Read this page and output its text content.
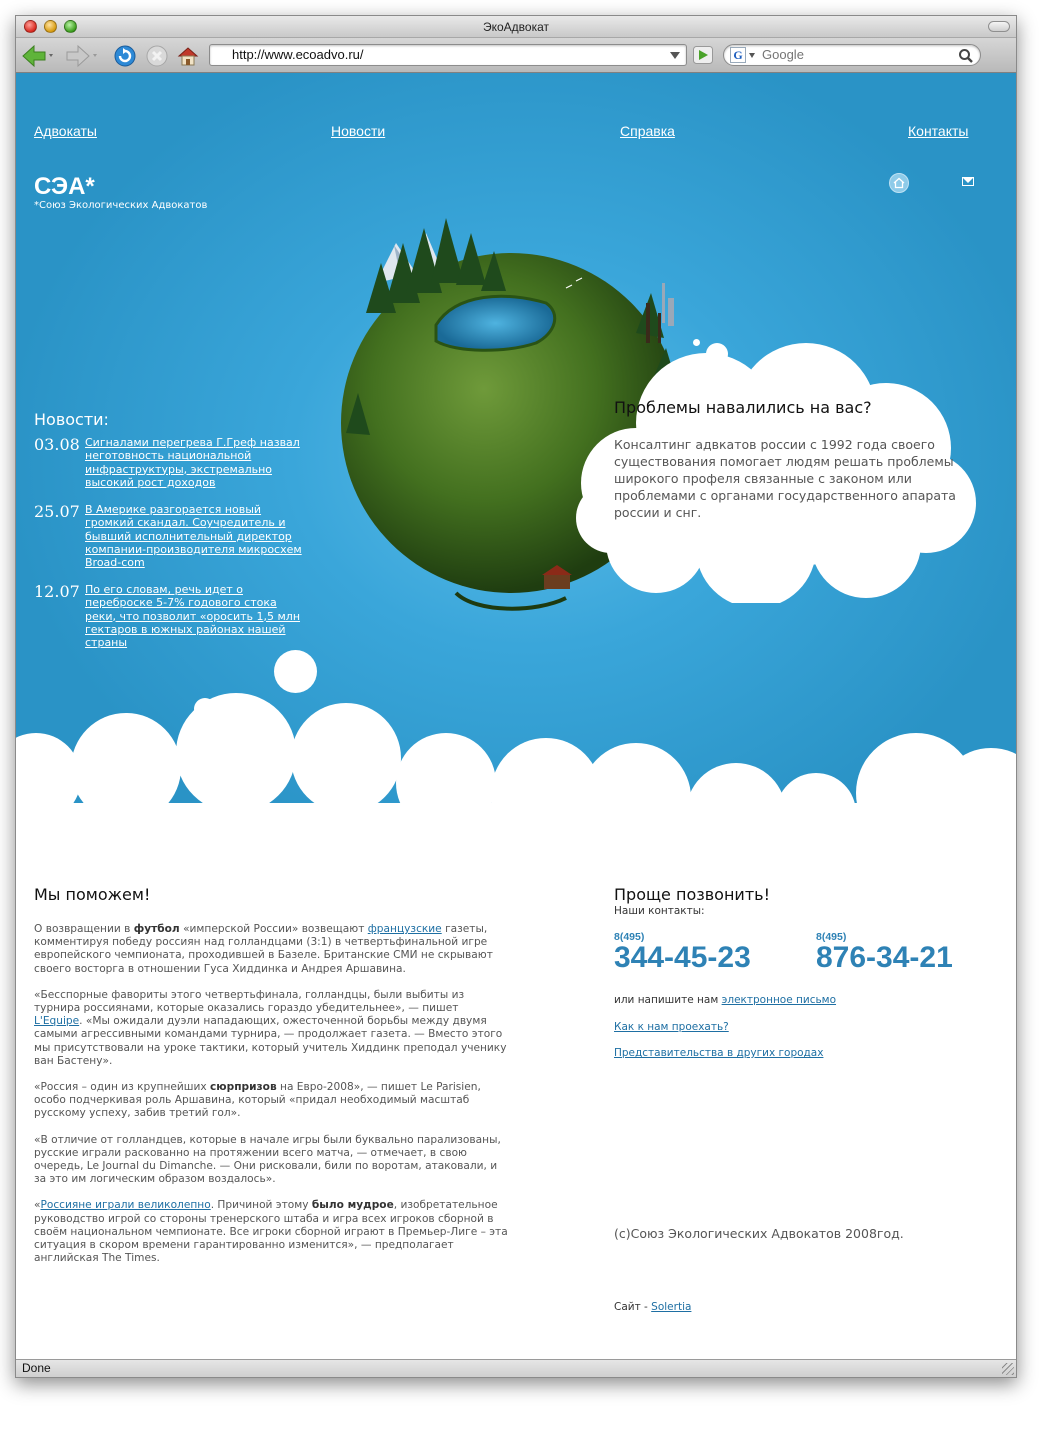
ЭкоАдвокат
http://www.ecoadvo.ru/	G
Google
Адвокаты	Новости	Справка	Контакты
СЭА*
*Союз Экологических Адвокатов
Новости:
03.08 Сигналами перегрева Г.Греф назвал неготовность национальной инфраструктуры, экстремально высокий рост доходов
25.07 В Америке разгорается новый громкий скандал. Соучредитель и бывший исполнительный директор компании-производителя микросхем Broad-com
12.07 По его словам, речь идет о переброске 5-7% годового стока реки, что позволит «оросить 1,5 млн гектаров в южных районах нашей страны
Проблемы навалились на вас?
Консалтинг адвкатов россии с 1992 года своего существования помогает людям решать проблемы широкого профеля связанные с законом или проблемами с органами государственного апарата россии и снг.
Мы поможем!

О возвращении в футбол «имперской России» возвещают французские газеты, комментируя победу россиян над голландцами (3:1) в четвертьфинальной игре европейского чемпионата, проходившей в Базеле. Британские СМИ не скрывают своего восторга в отношении Гуса Хиддинка и Андрея Аршавина.

«Бесспорные фавориты этого четвертьфинала, голландцы, были выбиты из турнира россиянами, которые оказались гораздо убедительнее», — пишет L'Equipe. «Мы ожидали дуэли нападающих, ожесточенной борьбы между двумя самыми агрессивными командами турнира, — продолжает газета. — Вместо этого мы присутствовали на уроке тактики, который учитель Хиддинк преподал ученику ван Бастену».

«Россия – один из крупнейших сюрпризов на Евро-2008», — пишет Le Parisien, особо подчеркивая роль Аршавина, который «придал необходимый масштаб русскому успеху, забив третий гол».

«В отличие от голландцев, которые в начале игры были буквально парализованы, русские играли раскованно на протяжении всего матча, — отмечает, в свою очередь, Le Journal du Dimanche. — Они рисковали, били по воротам, атаковали, и за это им логическим образом воздалось».

«Россияне играли великолепно. Причиной этому было мудрое, изобретательное руководство игрой со стороны тренерского штаба и игра всех игроков сборной в своём национальном чемпионате. Все игроки сборной играют в Премьер-Лиге – эта ситуация в скором времени гарантированно изменится», — предполагает английская The Times.

Проще позвонить!
Наши контакты:
8(495)
344-45-23
8(495)
876-34-21
или напишите нам электронное письмо
Как к нам проехать?
Представительства в других городах
(с)Союз Экологических Адвокатов 2008год.
Сайт - Solertia
Done
